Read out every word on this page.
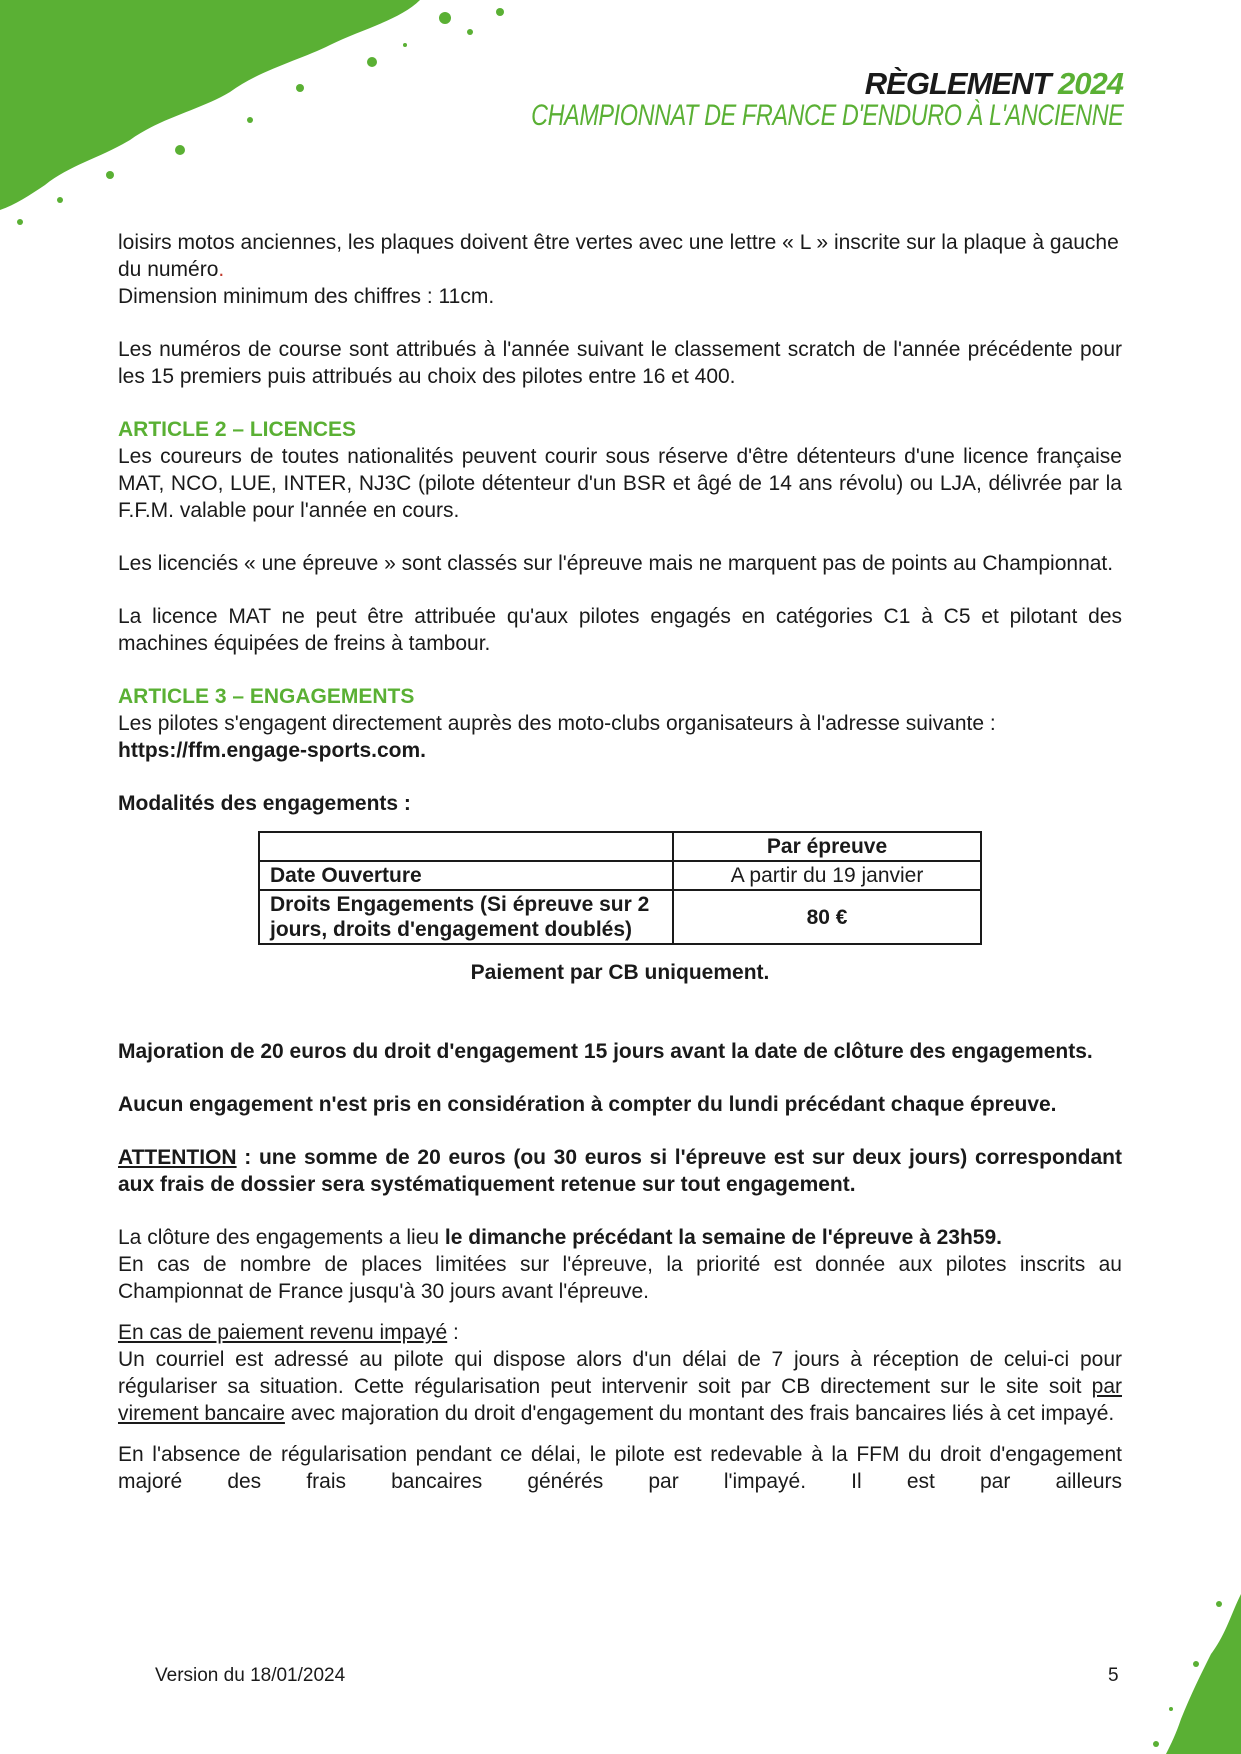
RÈGLEMENT 2024
CHAMPIONNAT DE FRANCE D'ENDURO À L'ANCIENNE

loisirs motos anciennes, les plaques doivent être vertes avec une lettre « L » inscrite sur la plaque à gauche du numéro.

Dimension minimum des chiffres : 11cm.

Les numéros de course sont attribués à l'année suivant le classement scratch de l'année précédente pour les 15 premiers puis attribués au choix des pilotes entre 16 et 400.

ARTICLE 2 – LICENCES

Les coureurs de toutes nationalités peuvent courir sous réserve d'être détenteurs d'une licence française MAT, NCO, LUE, INTER, NJ3C (pilote détenteur d'un BSR et âgé de 14 ans révolu) ou LJA, délivrée par la F.F.M. valable pour l'année en cours.

Les licenciés « une épreuve » sont classés sur l'épreuve mais ne marquent pas de points au Championnat.

La licence MAT ne peut être attribuée qu'aux pilotes engagés en catégories C1 à C5 et pilotant des machines équipées de freins à tambour.

ARTICLE 3 – ENGAGEMENTS

Les pilotes s'engagent directement auprès des moto-clubs organisateurs à l'adresse suivante :

https://ffm.engage-sports.com.

Modalités des engagements :

	Par épreuve
Date Ouverture	A partir du 19 janvier
Droits Engagements (Si épreuve sur 2 jours, droits d'engagement doublés)	80 €

Paiement par CB uniquement.

Majoration de 20 euros du droit d'engagement 15 jours avant la date de clôture des engagements.

Aucun engagement n'est pris en considération à compter du lundi précédant chaque épreuve.

ATTENTION : une somme de 20 euros (ou 30 euros si l'épreuve est sur deux jours) correspondant aux frais de dossier sera systématiquement retenue sur tout engagement.

La clôture des engagements a lieu le dimanche précédant la semaine de l'épreuve à 23h59.

En cas de nombre de places limitées sur l'épreuve, la priorité est donnée aux pilotes inscrits au Championnat de France jusqu'à 30 jours avant l'épreuve.

En cas de paiement revenu impayé :

Un courriel est adressé au pilote qui dispose alors d'un délai de 7 jours à réception de celui-ci pour régulariser sa situation. Cette régularisation peut intervenir soit par CB directement sur le site soit par virement bancaire avec majoration du droit d'engagement du montant des frais bancaires liés à cet impayé.

En l'absence de régularisation pendant ce délai, le pilote est redevable à la FFM du droit d'engagement majoré des frais bancaires générés par l'impayé. Il est par ailleurs

Version du 18/01/2024	5
